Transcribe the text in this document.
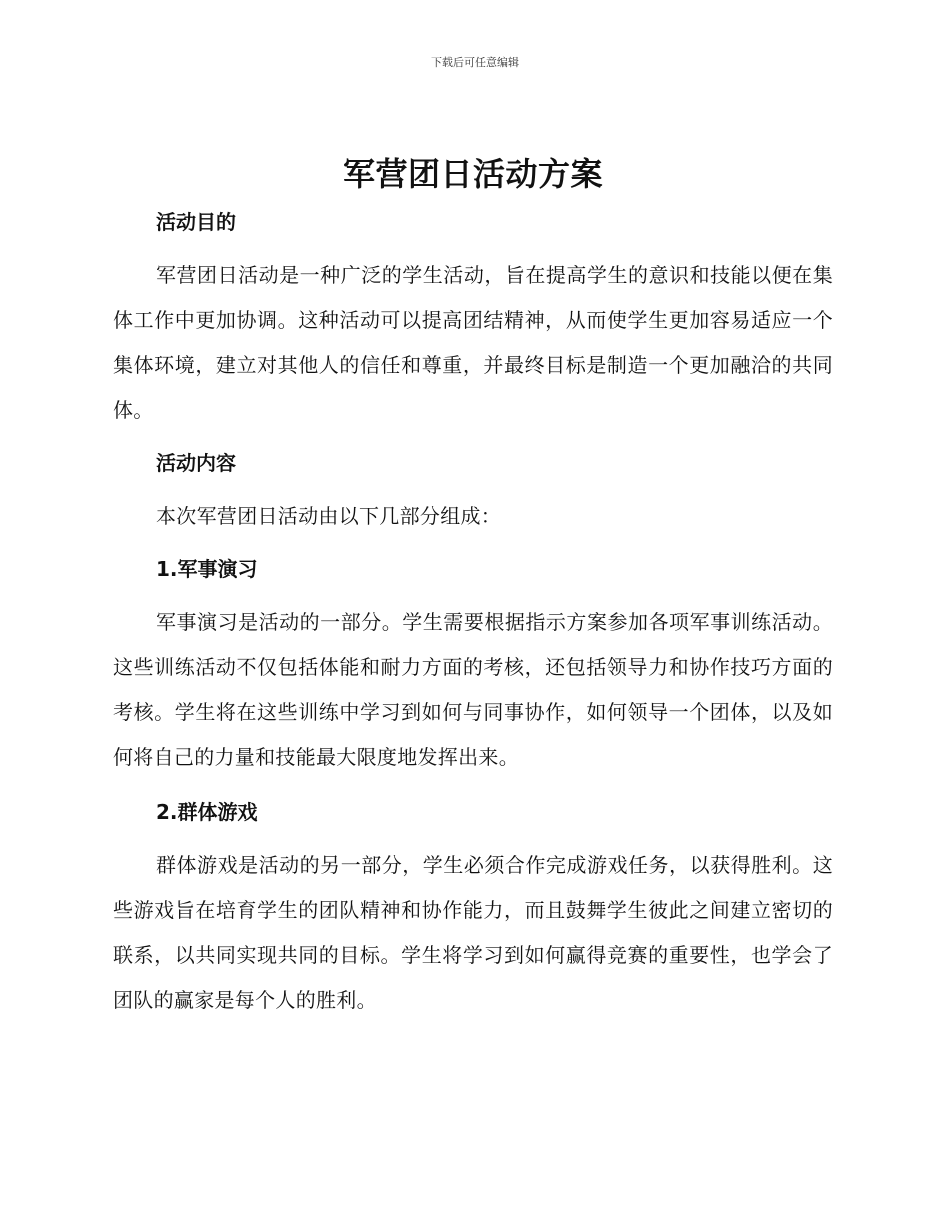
下载后可任意编辑
军营团日活动方案
活动目的

军营团日活动是一种广泛的学生活动，旨在提高学生的意识和技能以便在集体工作中更加协调。这种活动可以提高团结精神，从而使学生更加容易适应一个集体环境，建立对其他人的信任和尊重，并最终目标是制造一个更加融洽的共同体。

活动内容

本次军营团日活动由以下几部分组成：

1.军事演习

军事演习是活动的一部分。学生需要根据指示方案参加各项军事训练活动。这些训练活动不仅包括体能和耐力方面的考核，还包括领导力和协作技巧方面的考核。学生将在这些训练中学习到如何与同事协作，如何领导一个团体，以及如何将自己的力量和技能最大限度地发挥出来。

2.群体游戏

群体游戏是活动的另一部分，学生必须合作完成游戏任务，以获得胜利。这些游戏旨在培育学生的团队精神和协作能力，而且鼓舞学生彼此之间建立密切的联系，以共同实现共同的目标。学生将学习到如何赢得竞赛的重要性，也学会了团队的赢家是每个人的胜利。
